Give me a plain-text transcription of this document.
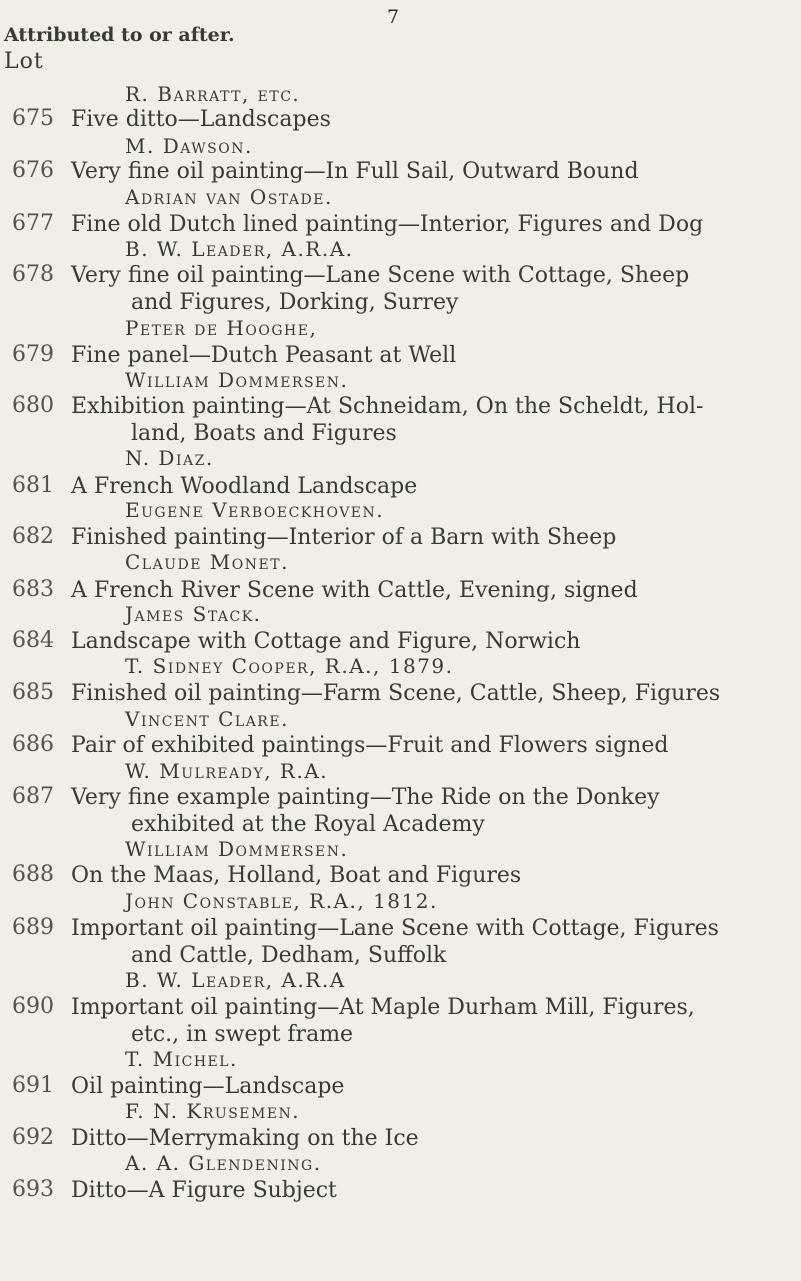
7
Attributed to or after.
Lot
R. Barratt, etc.
675 Five ditto—Landscapes
M. Dawson.
676 Very fine oil painting—In Full Sail, Outward Bound
Adrian van Ostade.
677 Fine old Dutch lined painting—Interior, Figures and Dog
B. W. Leader, A.R.A.
678 Very fine oil painting—Lane Scene with Cottage, Sheep
and Figures, Dorking, Surrey
Peter de Hooghe,
679 Fine panel—Dutch Peasant at Well
William Dommersen.
680 Exhibition painting—At Schneidam, On the Scheldt, Hol-
land, Boats and Figures
N. Diaz.
681 A French Woodland Landscape
Eugene Verboeckhoven.
682 Finished painting—Interior of a Barn with Sheep
Claude Monet.
683 A French River Scene with Cattle, Evening, signed
James Stack.
684 Landscape with Cottage and Figure, Norwich
T. Sidney Cooper, R.A., 1879.
685 Finished oil painting—Farm Scene, Cattle, Sheep, Figures
Vincent Clare.
686 Pair of exhibited paintings—Fruit and Flowers signed
W. Mulready, R.A.
687 Very fine example painting—The Ride on the Donkey
exhibited at the Royal Academy
William Dommersen.
688 On the Maas, Holland, Boat and Figures
John Constable, R.A., 1812.
689 Important oil painting—Lane Scene with Cottage, Figures
and Cattle, Dedham, Suffolk
B. W. Leader, A.R.A
690 Important oil painting—At Maple Durham Mill, Figures,
etc., in swept frame
T. Michel.
691 Oil painting—Landscape
F. N. Krusemen.
692 Ditto—Merrymaking on the Ice
A. A. Glendening.
693 Ditto—A Figure Subject
